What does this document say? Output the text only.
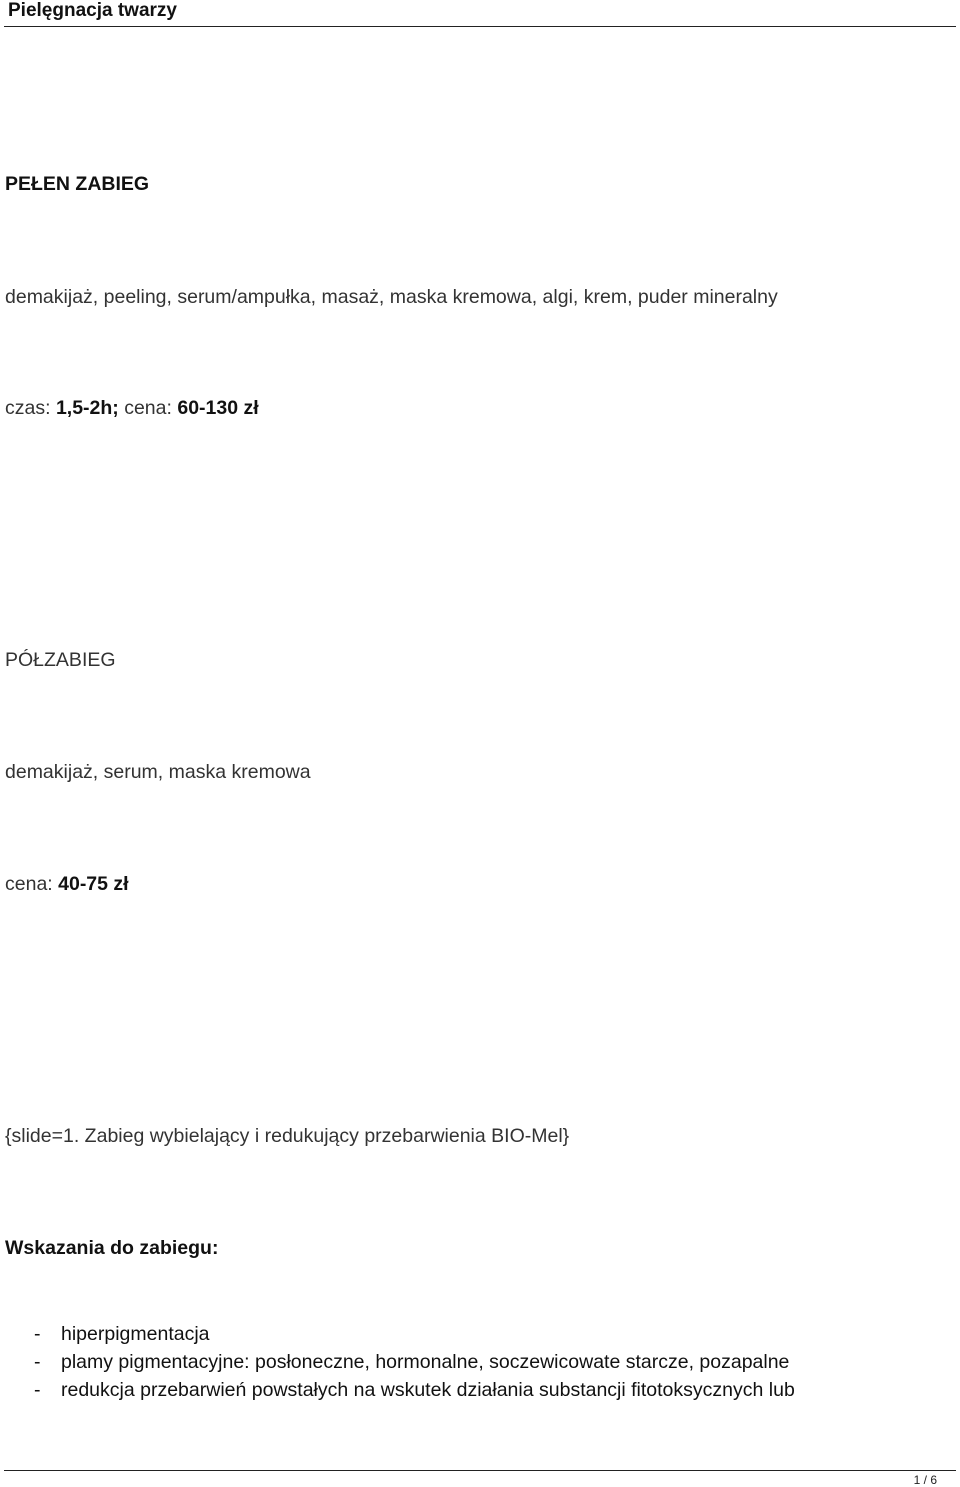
Pielęgnacja twarzy
PEŁEN ZABIEG
demakijaż, peeling, serum/ampułka, masaż, maska kremowa, algi, krem, puder mineralny
czas: 1,5-2h; cena: 60-130 zł
PÓŁZABIEG
demakijaż, serum, maska kremowa
cena: 40-75 zł
{slide=1. Zabieg wybielający i redukujący przebarwienia BIO-Mel}
Wskazania do zabiegu:
-	hiperpigmentacja
-	plamy pigmentacyjne: posłoneczne, hormonalne, soczewicowate starcze, pozapalne
-	redukcja przebarwień powstałych na wskutek działania substancji fitotoksycznych lub
1 / 6
